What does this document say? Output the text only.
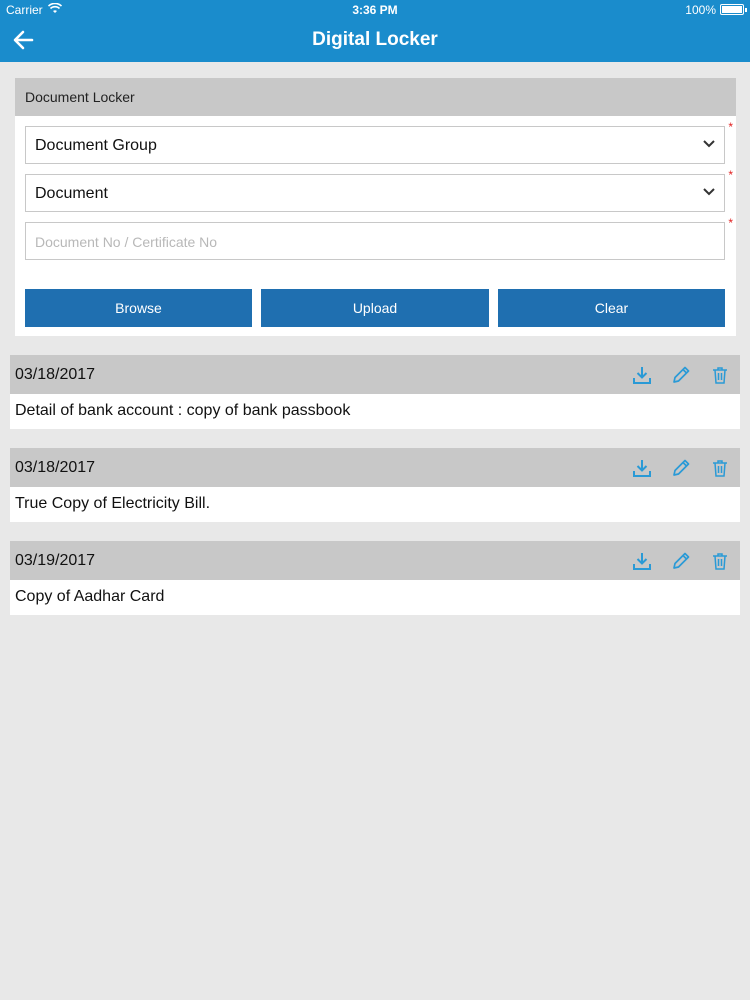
Carrier	3:36 PM	100%
Digital Locker
Document Locker
Document Group
*
Document
*
Document No / Certificate No
*
Browse	Upload	Clear
03/18/2017
Detail of bank account : copy of bank passbook
03/18/2017
True Copy of Electricity Bill.
03/19/2017
Copy of Aadhar Card
